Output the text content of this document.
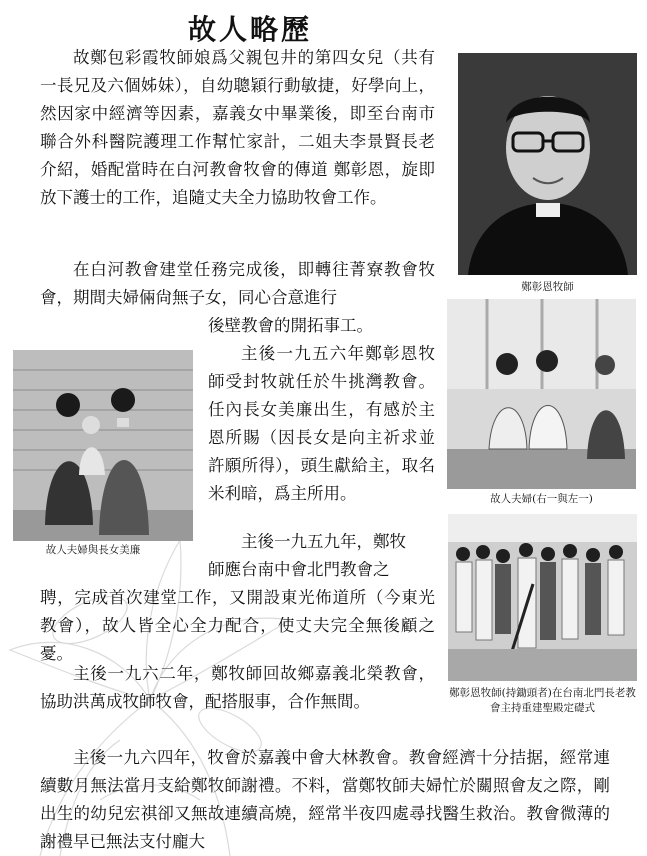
故人略歷

故鄭包彩霞牧師娘爲父親包井的第四女兒（共有一長兄及六個姊妹），自幼聰穎行動敏捷，好學向上，然因家中經濟等因素，嘉義女中畢業後，即至台南市聯合外科醫院護理工作幫忙家計，二姐夫李景賢長老介紹，婚配當時在白河教會牧會的傳道 鄭彰恩，旋即放下護士的工作，追隨丈夫全力協助牧會工作。

在白河教會建堂任務完成後，即轉往菁寮教會牧會，期間夫婦倆尙無子女，同心合意進行

後壁教會的開拓事工。

主後一九五六年鄭彰恩牧師受封牧就任於牛挑灣教會。任內長女美廉出生，有感於主恩所賜（因長女是向主祈求並許願所得），頭生獻給主，取名米利暗，爲主所用。

主後一九五九年，鄭牧

師應台南中會北門教會之

聘，完成首次建堂工作，又開設東光佈道所（今東光教會），故人皆全心全力配合，使丈夫完全無後顧之憂。

主後一九六二年，鄭牧師回故鄉嘉義北榮教會，協助洪萬成牧師牧會，配搭服事，合作無間。

主後一九六四年，牧會於嘉義中會大林教會。教會經濟十分拮据，經常連續數月無法當月支給鄭牧師謝禮。不料，當鄭牧師夫婦忙於關照會友之際，剛出生的幼兒宏祺卻又無故連續高燒，經常半夜四處尋找醫生救治。教會微薄的謝禮早已無法支付龐大

鄭彰恩牧師
故人夫婦(右一與左一)
故人夫婦與長女美廉
鄭彰恩牧師(持鋤頭者)在台南北門長老教會主持重建聖殿定礎式
